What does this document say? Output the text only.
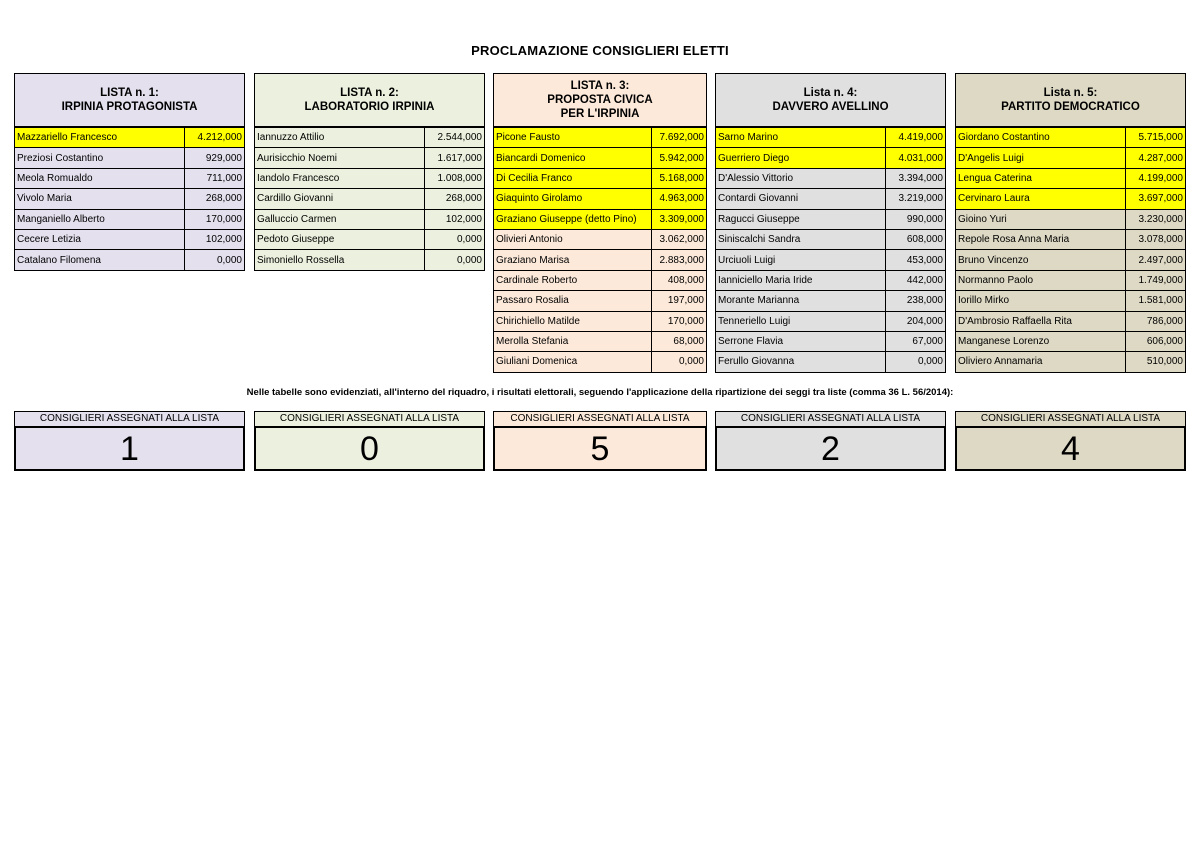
PROCLAMAZIONE CONSIGLIERI ELETTI
LISTA n. 1:
IRPINIA PROTAGONISTA
Mazzariello Francesco	4.212,000
Preziosi Costantino	929,000
Meola Romualdo	711,000
Vivolo Maria	268,000
Manganiello Alberto	170,000
Cecere Letizia	102,000
Catalano Filomena	0,000
LISTA n. 2:
LABORATORIO IRPINIA
Iannuzzo Attilio	2.544,000
Aurisicchio Noemi	1.617,000
Iandolo Francesco	1.008,000
Cardillo Giovanni	268,000
Galluccio Carmen	102,000
Pedoto Giuseppe	0,000
Simoniello Rossella	0,000
LISTA n. 3:
PROPOSTA CIVICA
PER L'IRPINIA
Picone Fausto	7.692,000
Biancardi Domenico	5.942,000
Di Cecilia Franco	5.168,000
Giaquinto Girolamo	4.963,000
Graziano Giuseppe (detto Pino)	3.309,000
Olivieri Antonio	3.062,000
Graziano Marisa	2.883,000
Cardinale Roberto	408,000
Passaro Rosalia	197,000
Chirichiello Matilde	170,000
Merolla Stefania	68,000
Giuliani Domenica	0,000
Lista n. 4:
DAVVERO AVELLINO
Sarno Marino	4.419,000
Guerriero Diego	4.031,000
D'Alessio Vittorio	3.394,000
Contardi Giovanni	3.219,000
Ragucci Giuseppe	990,000
Siniscalchi Sandra	608,000
Urciuoli Luigi	453,000
Ianniciello Maria Iride	442,000
Morante Marianna	238,000
Tenneriello Luigi	204,000
Serrone Flavia	67,000
Ferullo Giovanna	0,000
Lista n. 5:
PARTITO DEMOCRATICO
Giordano Costantino	5.715,000
D'Angelis Luigi	4.287,000
Lengua Caterina	4.199,000
Cervinaro Laura	3.697,000
Gioino Yuri	3.230,000
Repole Rosa Anna Maria	3.078,000
Bruno Vincenzo	2.497,000
Normanno Paolo	1.749,000
Iorillo Mirko	1.581,000
D'Ambrosio Raffaella Rita	786,000
Manganese Lorenzo	606,000
Oliviero Annamaria	510,000
Nelle tabelle sono evidenziati, all'interno del riquadro, i risultati elettorali, seguendo l'applicazione della ripartizione dei seggi tra liste (comma 36 L. 56/2014):
CONSIGLIERI ASSEGNATI ALLA LISTA
1
CONSIGLIERI ASSEGNATI ALLA LISTA
0
CONSIGLIERI ASSEGNATI ALLA LISTA
5
CONSIGLIERI ASSEGNATI ALLA LISTA
2
CONSIGLIERI ASSEGNATI ALLA LISTA
4
